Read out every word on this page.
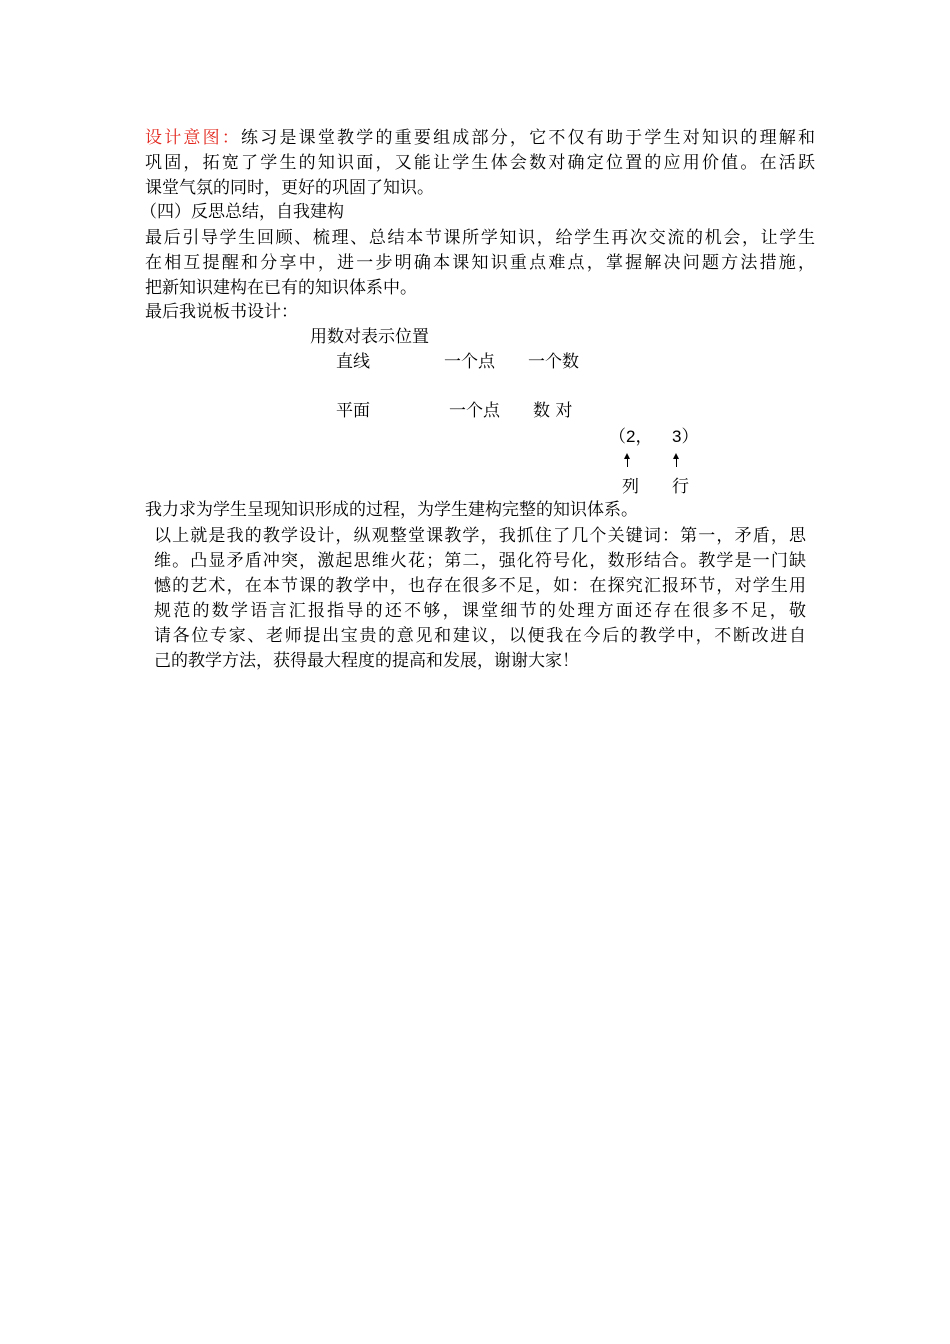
设计意图：练习是课堂教学的重要组成部分，它不仅有助于学生对知识的理解和
巩固，拓宽了学生的知识面，又能让学生体会数对确定位置的应用价值。在活跃
课堂气氛的同时，更好的巩固了知识。
（四）反思总结，自我建构
最后引导学生回顾、梳理、总结本节课所学知识，给学生再次交流的机会，让学生
在相互提醒和分享中，进一步明确本课知识重点难点，掌握解决问题方法措施，
把新知识建构在已有的知识体系中。
最后我说板书设计：
用数对表示位置
直线	一个点 一个数
平面	一个点 数 对
（2， 3）
列 行
我力求为学生呈现知识形成的过程，为学生建构完整的知识体系。
以上就是我的教学设计，纵观整堂课教学，我抓住了几个关键词：第一，矛盾，思
维。凸显矛盾冲突，激起思维火花；第二，强化符号化，数形结合。教学是一门缺
憾的艺术，在本节课的教学中，也存在很多不足，如：在探究汇报环节，对学生用
规范的数学语言汇报指导的还不够，课堂细节的处理方面还存在很多不足，敬
请各位专家、老师提出宝贵的意见和建议，以便我在今后的教学中，不断改进自
己的教学方法，获得最大程度的提高和发展，谢谢大家！
